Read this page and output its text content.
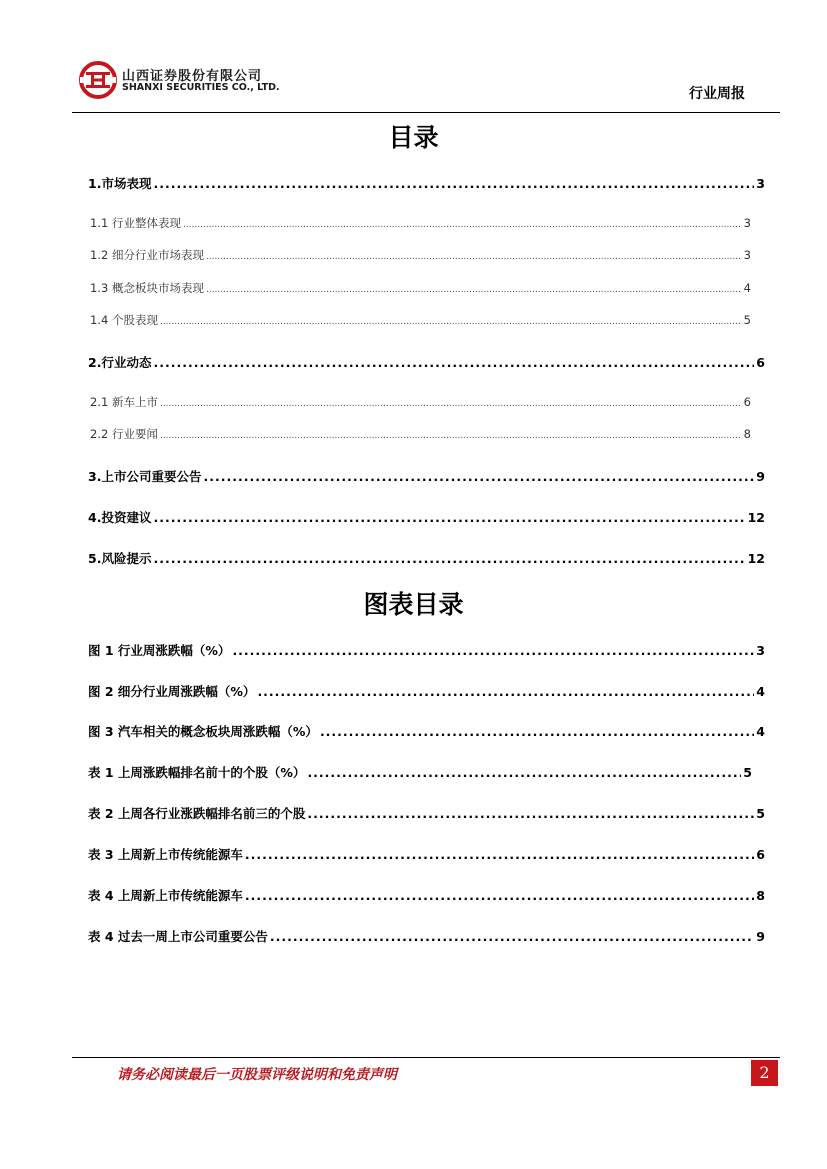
山西证券股份有限公司
SHANXI SECURITIES CO., LTD.	行业周报
目录
1.市场表现 .....	3
1.1 行业整体表现 .....	3
1.2 细分行业市场表现 .....	3
1.3 概念板块市场表现 .....	4
1.4 个股表现 .....	5
2.行业动态 .....	6
2.1 新车上市 .....	6
2.2 行业要闻 .....	8
3.上市公司重要公告 .....	9
4.投资建议 .....	12
5.风险提示 .....	12
图表目录
图 1 行业周涨跌幅（%） .....	3
图 2 细分行业周涨跌幅（%） .....	4
图 3 汽车相关的概念板块周涨跌幅（%） .....	4
表 1 上周涨跌幅排名前十的个股（%） .....	5
表 2 上周各行业涨跌幅排名前三的个股 .....	5
表 3 上周新上市传统能源车 .....	6
表 4 上周新上市传统能源车 .....	8
表 4 过去一周上市公司重要公告 .....	9
请务必阅读最后一页股票评级说明和免责声明	2
